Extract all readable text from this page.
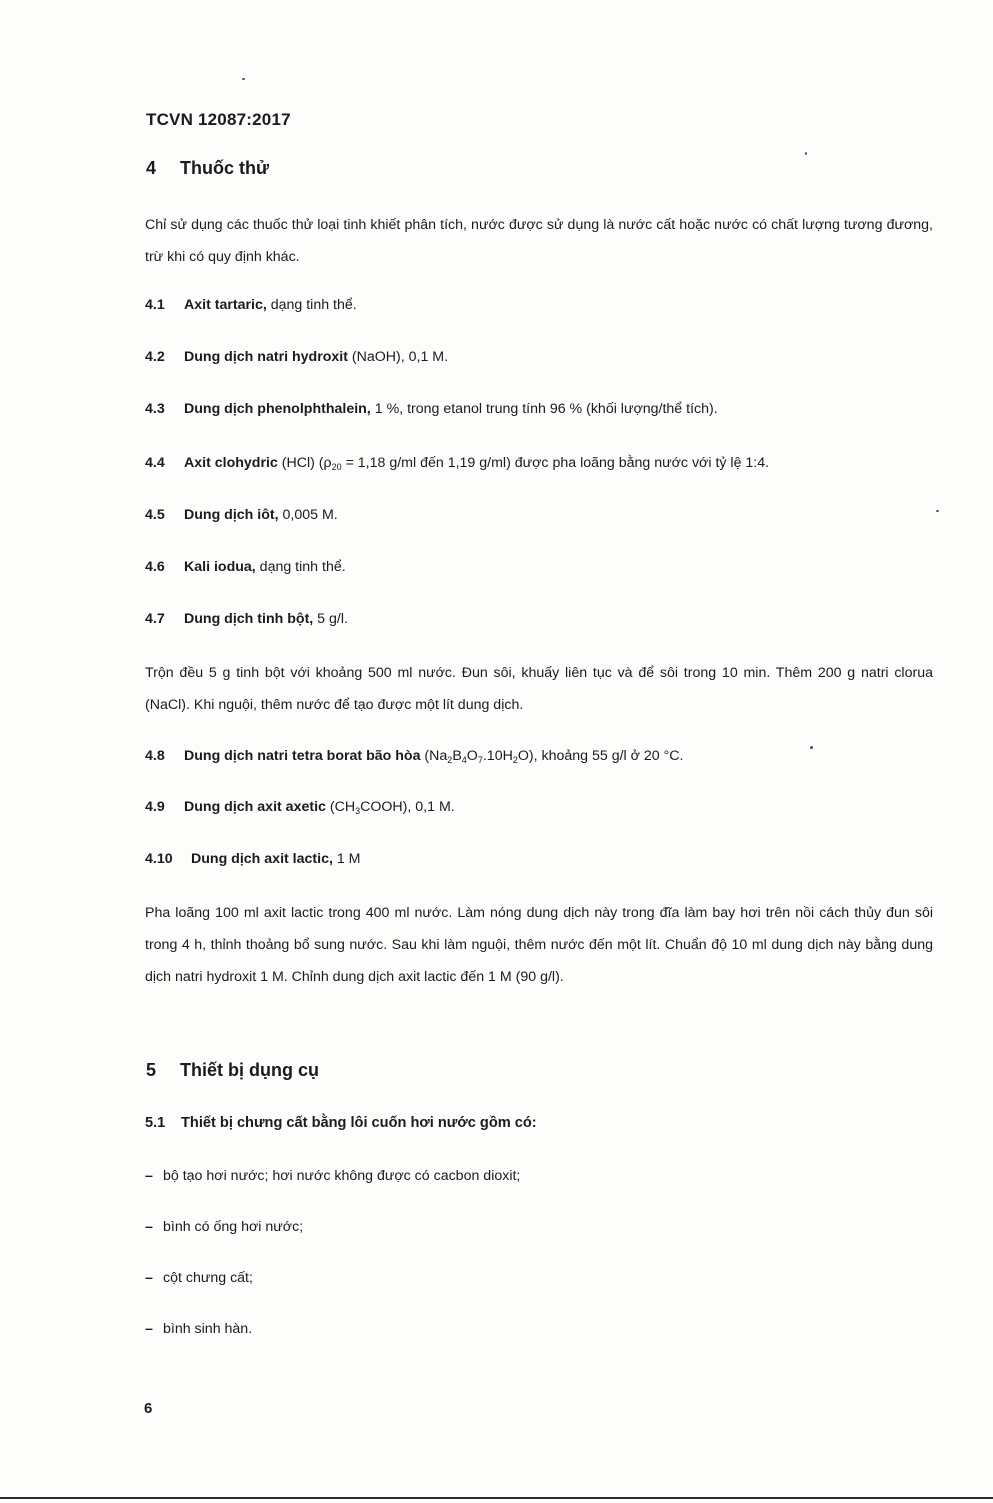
TCVN 12087:2017
4 Thuốc thử
Chỉ sử dụng các thuốc thử loại tinh khiết phân tích, nước được sử dụng là nước cất hoặc nước có chất lượng tương đương, trừ khi có quy định khác.
4.1 Axit tartaric, dạng tinh thể.
4.2 Dung dịch natri hydroxit (NaOH), 0,1 M.
4.3 Dung dịch phenolphthalein, 1 %, trong etanol trung tính 96 % (khối lượng/thể tích).
4.4 Axit clohydric (HCl) ($\rho_{20} = 1,18$ g/ml đến 1,19 g/ml) được pha loãng bằng nước với tỷ lệ 1:4.
4.5 Dung dịch iôt, 0,005 M.
4.6 Kali iodua, dạng tinh thể.
4.7 Dung dịch tinh bột, 5 g/l.
Trộn đều 5 g tinh bột với khoảng 500 ml nước. Đun sôi, khuấy liên tục và để sôi trong 10 min. Thêm 200 g natri clorua (NaCl). Khi nguội, thêm nước để tạo được một lít dung dịch.
4.8 Dung dịch natri tetra borat bão hòa $(Na_2B_4O_7.10H_2O)$, khoảng 55 g/l ở 20 °C.
4.9 Dung dịch axit axetic $(CH_3COOH)$, 0,1 M.
4.10 Dung dịch axit lactic, 1 M
Pha loãng 100 ml axit lactic trong 400 ml nước. Làm nóng dung dịch này trong đĩa làm bay hơi trên nồi cách thủy đun sôi trong 4 h, thỉnh thoảng bổ sung nước. Sau khi làm nguội, thêm nước đến một lít. Chuẩn độ 10 ml dung dịch này bằng dung dịch natri hydroxit 1 M. Chỉnh dung dịch axit lactic đến 1 M (90 g/l).
5 Thiết bị dụng cụ
5.1 Thiết bị chưng cất bằng lôi cuốn hơi nước gồm có:
– bộ tạo hơi nước; hơi nước không được có cacbon dioxit;
– bình có ống hơi nước;
– cột chưng cất;
– bình sinh hàn.
6
